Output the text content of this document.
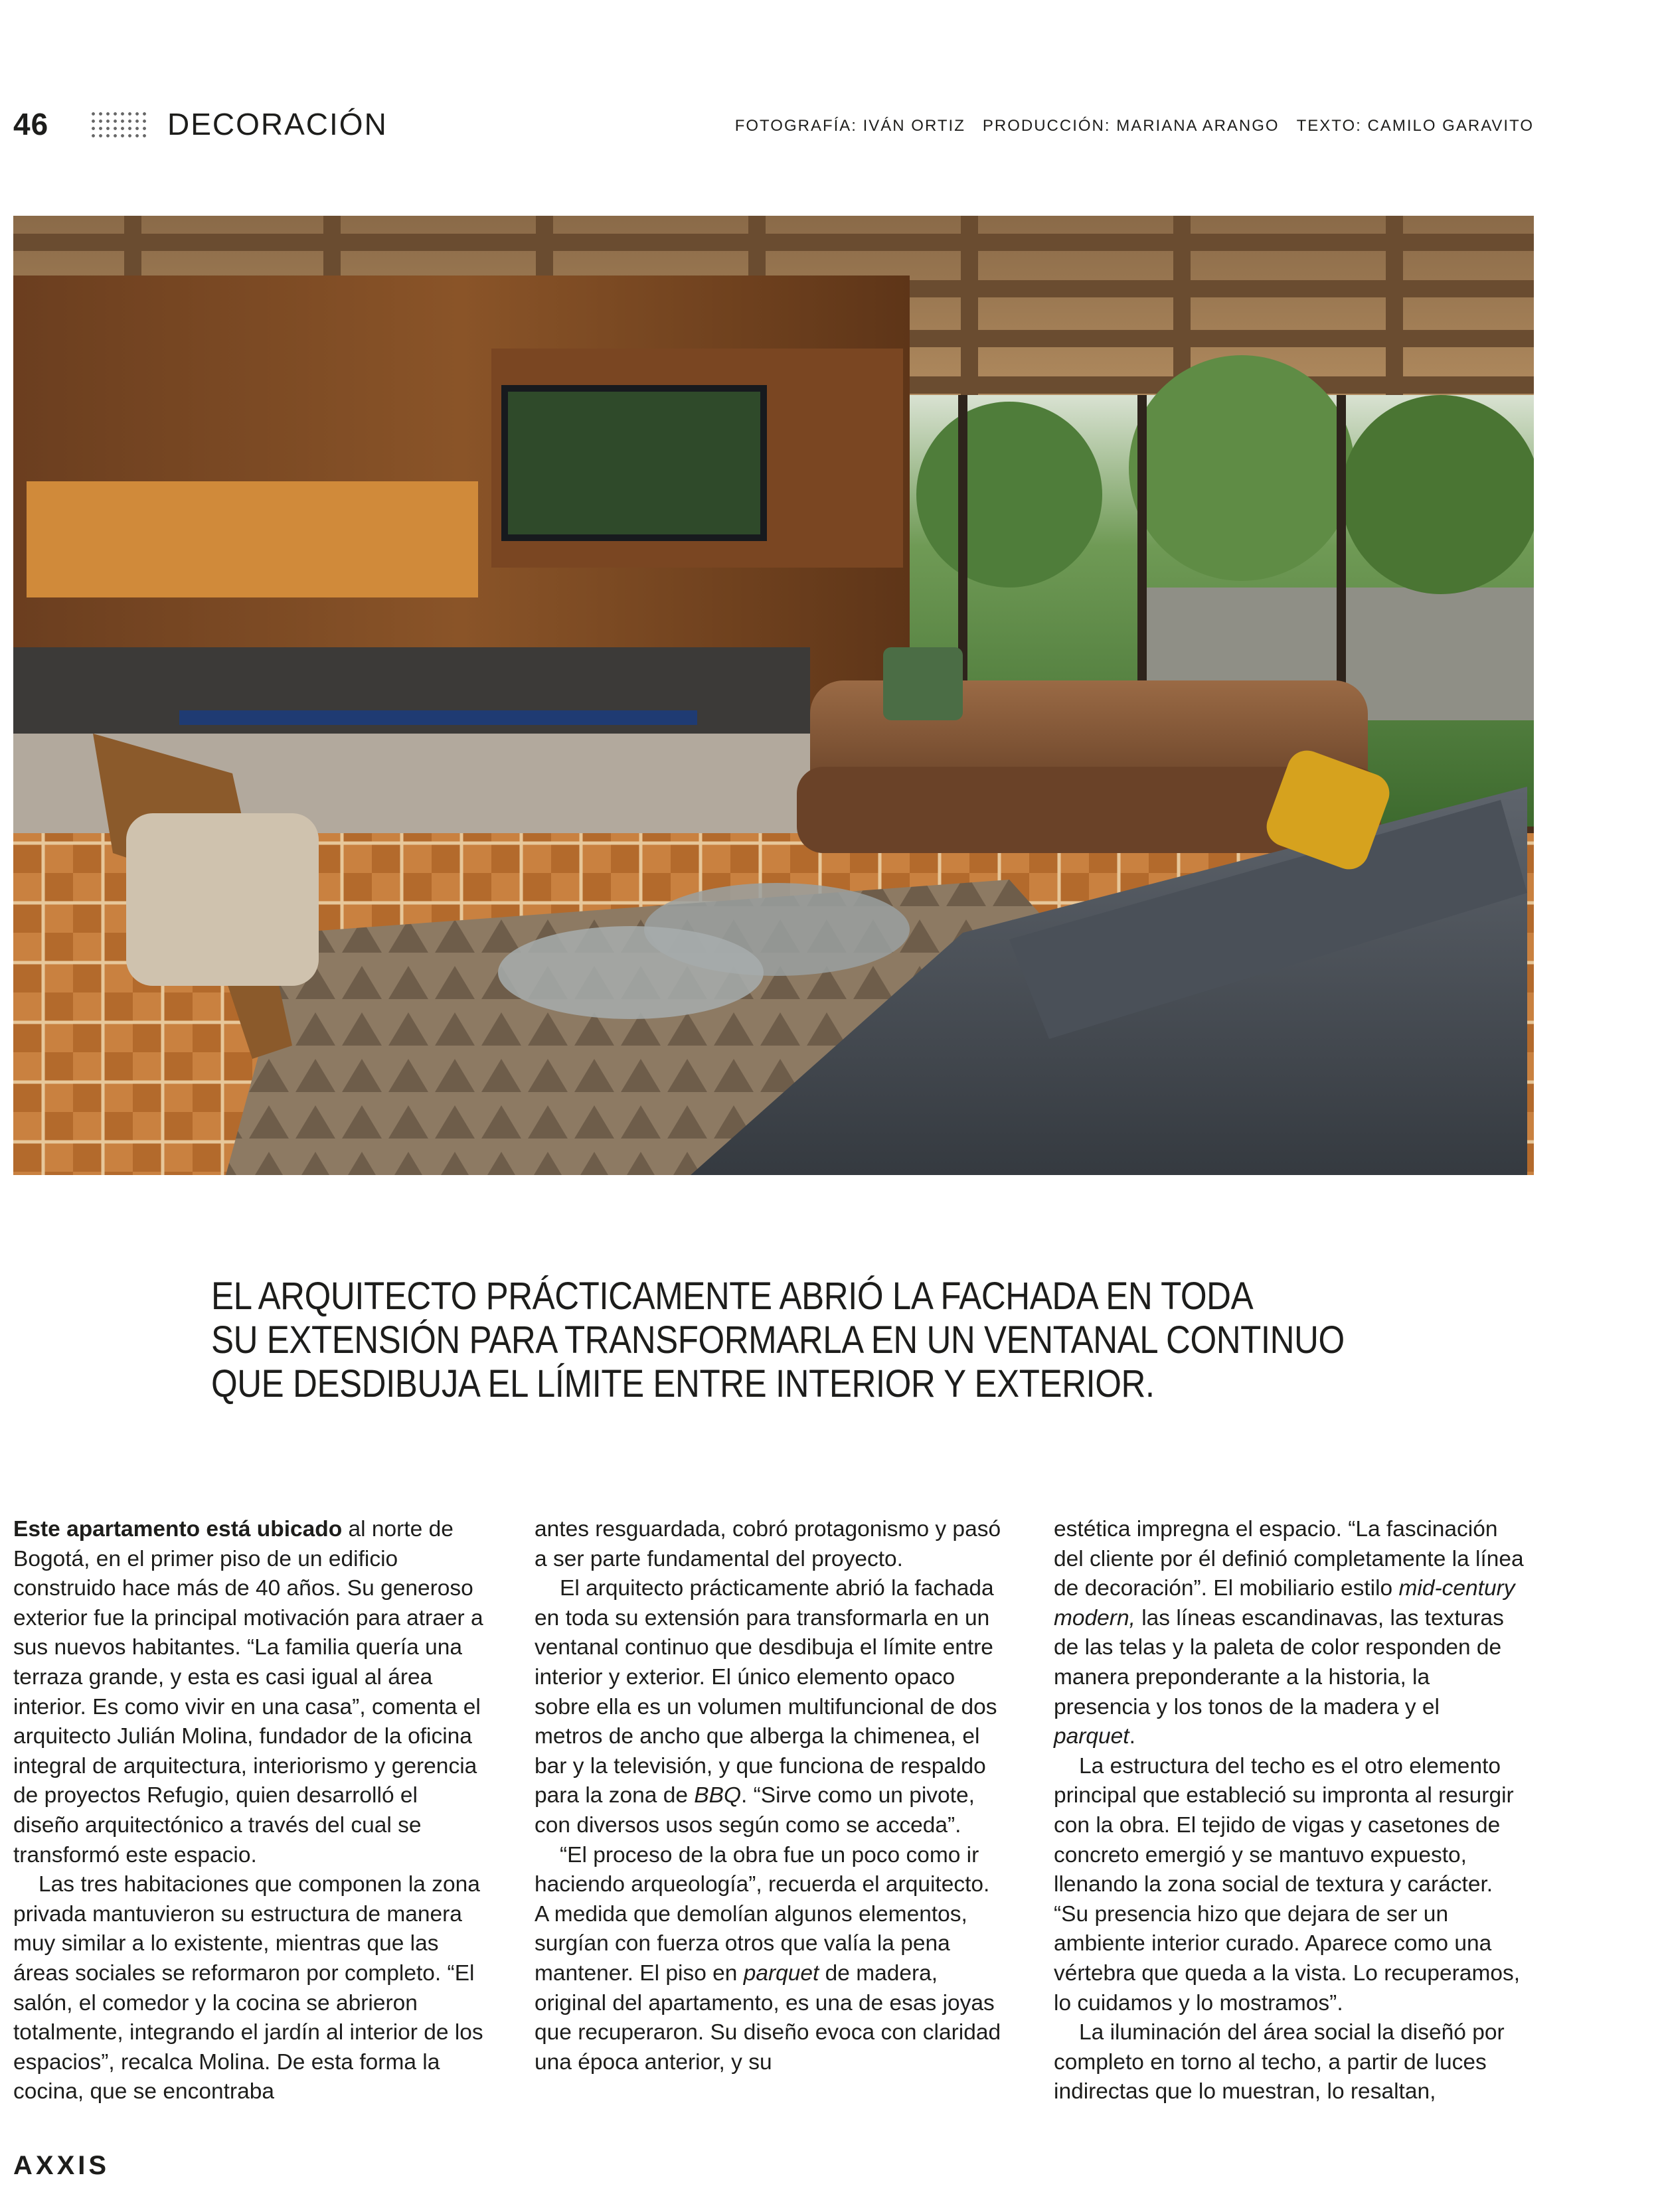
46	DECORACIÓN	FOTOGRAFÍA: IVÁN ORTIZ PRODUCCIÓN: MARIANA ARANGO TEXTO: CAMILO GARAVITO
EL ARQUITECTO PRÁCTICAMENTE ABRIÓ LA FACHADA EN TODA
SU EXTENSIÓN PARA TRANSFORMARLA EN UN VENTANAL CONTINUO
QUE DESDIBUJA EL LÍMITE ENTRE INTERIOR Y EXTERIOR.

Este apartamento está ubicado al norte de Bogotá, en el primer piso de un edificio construido hace más de 40 años. Su generoso exterior fue la principal motivación para atraer a sus nuevos habitantes. “La familia quería una terraza grande, y esta es casi igual al área interior. Es como vivir en una casa”, comenta el arquitecto Julián Molina, fundador de la oficina integral de arquitectura, interiorismo y gerencia de proyectos Refugio, quien desarrolló el diseño arquitectónico a través del cual se transformó este espacio.

Las tres habitaciones que componen la zona privada mantuvieron su estructura de manera muy similar a lo existente, mientras que las áreas sociales se reformaron por completo. “El salón, el comedor y la cocina se abrieron totalmente, integrando el jardín al interior de los espacios”, recalca Molina. De esta forma la cocina, que se encontraba

antes resguardada, cobró protagonismo y pasó a ser parte fundamental del proyecto.

El arquitecto prácticamente abrió la fachada en toda su extensión para transformarla en un ventanal continuo que desdibuja el límite entre interior y exterior. El único elemento opaco sobre ella es un volumen multifuncional de dos metros de ancho que alberga la chimenea, el bar y la televisión, y que funciona de respaldo para la zona de BBQ. “Sirve como un pivote, con diversos usos según como se acceda”.

“El proceso de la obra fue un poco como ir haciendo arqueología”, recuerda el arquitecto. A medida que demolían algunos elementos, surgían con fuerza otros que valía la pena mantener. El piso en parquet de madera, original del apartamento, es una de esas joyas que recuperaron. Su diseño evoca con claridad una época anterior, y su

estética impregna el espacio. “La fascinación del cliente por él definió completamente la línea de decoración”. El mobiliario estilo mid-century modern, las líneas escandinavas, las texturas de las telas y la paleta de color responden de manera preponderante a la historia, la presencia y los tonos de la madera y el parquet.

La estructura del techo es el otro elemento principal que estableció su impronta al resurgir con la obra. El tejido de vigas y casetones de concreto emergió y se mantuvo expuesto, llenando la zona social de textura y carácter. “Su presencia hizo que dejara de ser un ambiente interior curado. Aparece como una vértebra que queda a la vista. Lo recuperamos, lo cuidamos y lo mostramos”.

La iluminación del área social la diseñó por completo en torno al techo, a partir de luces indirectas que lo muestran, lo resaltan,

AXXIS
